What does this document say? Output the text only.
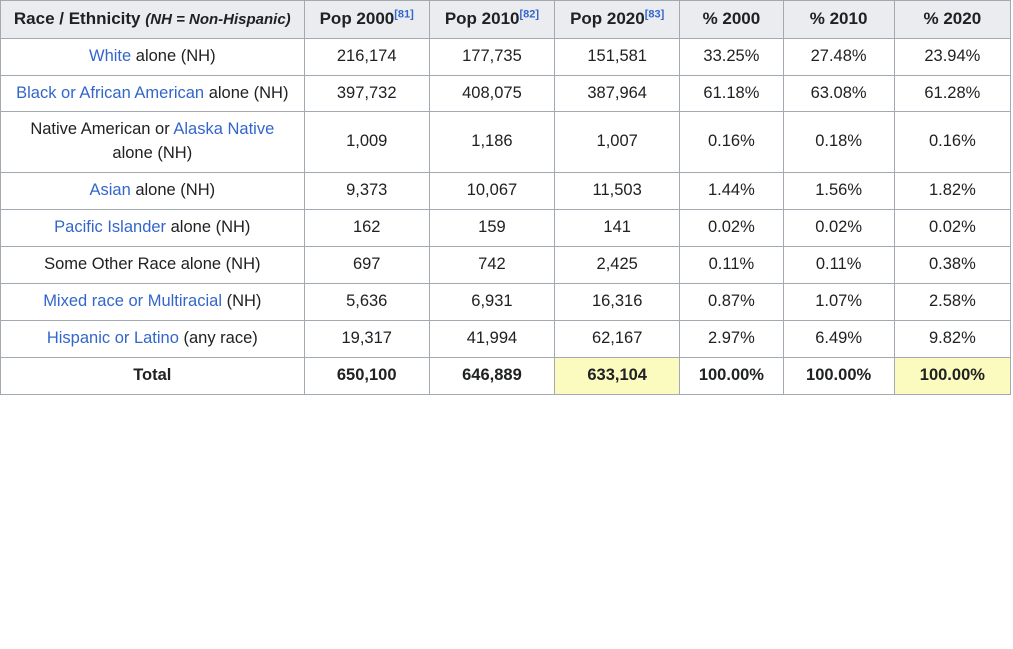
Race / Ethnicity (NH = Non-Hispanic)	Pop 2000[81]	Pop 2010[82]	Pop 2020[83]	% 2000	% 2010	% 2020
White alone (NH)	216,174	177,735	151,581	33.25%	27.48%	23.94%
Black or African American alone (NH)	397,732	408,075	387,964	61.18%	63.08%	61.28%
Native American or Alaska Native alone (NH)	1,009	1,186	1,007	0.16%	0.18%	0.16%
Asian alone (NH)	9,373	10,067	11,503	1.44%	1.56%	1.82%
Pacific Islander alone (NH)	162	159	141	0.02%	0.02%	0.02%
Some Other Race alone (NH)	697	742	2,425	0.11%	0.11%	0.38%
Mixed race or Multiracial (NH)	5,636	6,931	16,316	0.87%	1.07%	2.58%
Hispanic or Latino (any race)	19,317	41,994	62,167	2.97%	6.49%	9.82%
Total	650,100	646,889	633,104	100.00%	100.00%	100.00%
